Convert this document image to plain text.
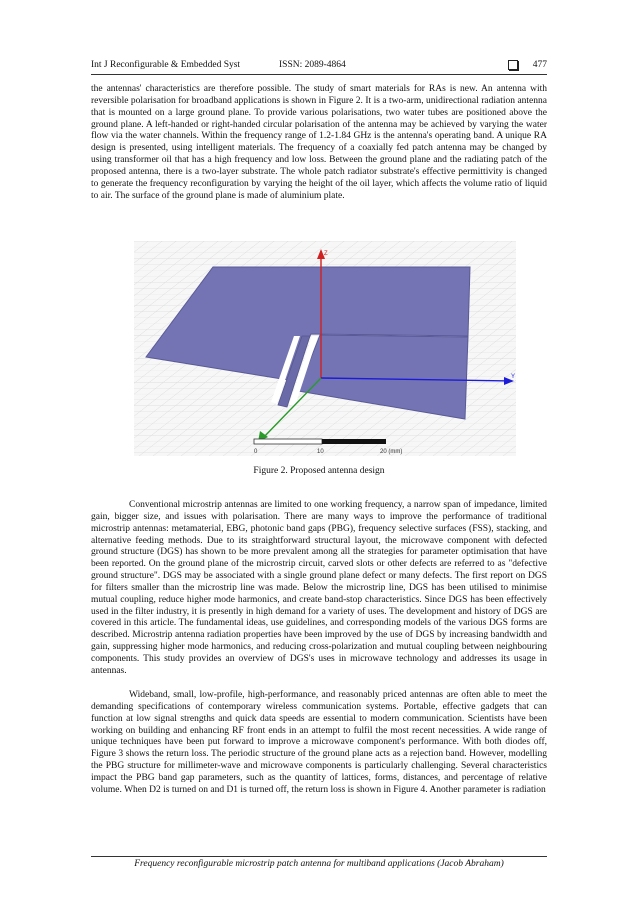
Int J Reconfigurable & Embedded Syst	ISSN: 2089-4864	477

the antennas' characteristics are therefore possible. The study of smart materials for RAs is new. An antenna with reversible polarisation for broadband applications is shown in Figure 2. It is a two-arm, unidirectional radiation antenna that is mounted on a large ground plane. To provide various polarisations, two water tubes are positioned above the ground plane. A left-handed or right-handed circular polarisation of the antenna may be achieved by varying the water flow via the water channels. Within the frequency range of 1.2-1.84 GHz is the antenna's operating band. A unique RA design is presented, using intelligent materials. The frequency of a coaxially fed patch antenna may be changed by using transformer oil that has a high frequency and low loss. Between the ground plane and the radiating patch of the proposed antenna, there is a two-layer substrate. The whole patch radiator substrate's effective permittivity is changed to generate the frequency reconfiguration by varying the height of the oil layer, which affects the volume ratio of liquid to air. The surface of the ground plane is made of aluminium plate.

Z
Y
0	10	20 (mm)
Figure 2. Proposed antenna design

Conventional microstrip antennas are limited to one working frequency, a narrow span of impedance, limited gain, bigger size, and issues with polarisation. There are many ways to improve the performance of traditional microstrip antennas: metamaterial, EBG, photonic band gaps (PBG), frequency selective surfaces (FSS), stacking, and alternative feeding methods. Due to its straightforward structural layout, the microwave component with defected ground structure (DGS) has shown to be more prevalent among all the strategies for parameter optimisation that have been reported. On the ground plane of the microstrip circuit, carved slots or other defects are referred to as "defective ground structure". DGS may be associated with a single ground plane defect or many defects. The first report on DGS for filters smaller than the microstrip line was made. Below the microstrip line, DGS has been utilised to minimise mutual coupling, reduce higher mode harmonics, and create band-stop characteristics. Since DGS has been effectively used in the filter industry, it is presently in high demand for a variety of uses. The development and history of DGS are covered in this article. The fundamental ideas, use guidelines, and corresponding models of the various DGS forms are described. Microstrip antenna radiation properties have been improved by the use of DGS by increasing bandwidth and gain, suppressing higher mode harmonics, and reducing cross-polarization and mutual coupling between neighbouring components. This study provides an overview of DGS's uses in microwave technology and addresses its usage in antennas.

Wideband, small, low-profile, high-performance, and reasonably priced antennas are often able to meet the demanding specifications of contemporary wireless communication systems. Portable, effective gadgets that can function at low signal strengths and quick data speeds are essential to modern communication. Scientists have been working on building and enhancing RF front ends in an attempt to fulfil the most recent necessities. A wide range of unique techniques have been put forward to improve a microwave component's performance. With both diodes off, Figure 3 shows the return loss. The periodic structure of the ground plane acts as a rejection band. However, modelling the PBG structure for millimeter-wave and microwave components is particularly challenging. Several characteristics impact the PBG band gap parameters, such as the quantity of lattices, forms, distances, and percentage of relative volume. When D2 is turned on and D1 is turned off, the return loss is shown in Figure 4. Another parameter is radiation

Frequency reconfigurable microstrip patch antenna for multiband applications (Jacob Abraham)
